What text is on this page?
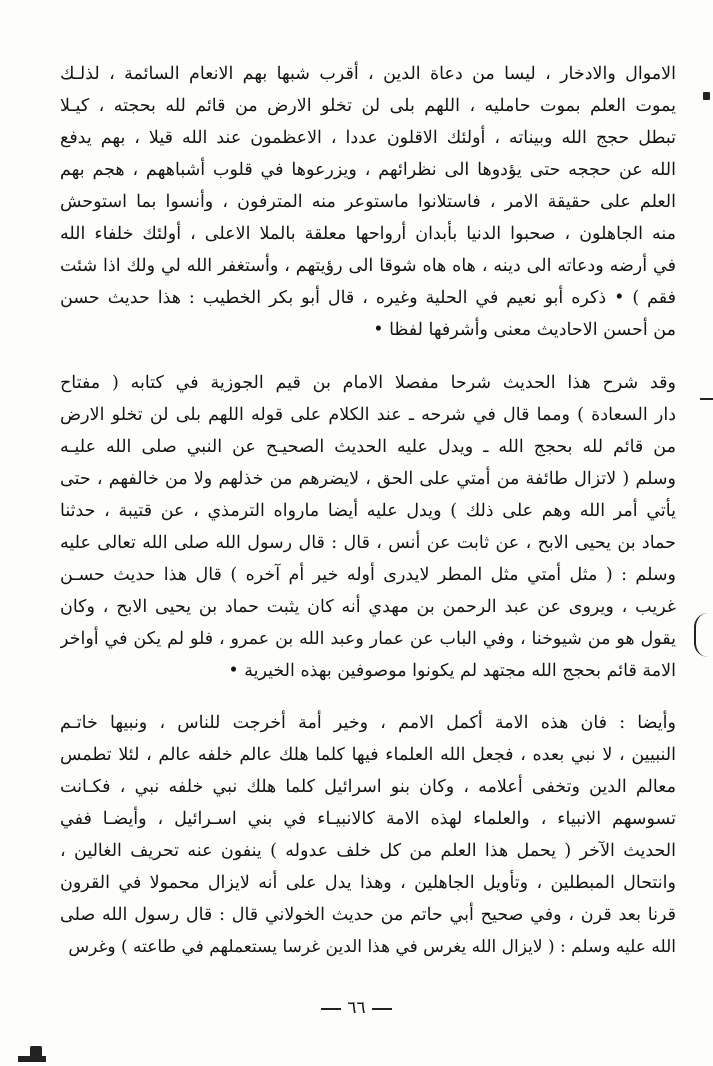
الاموال والادخار ، ليسا من دعاة الدين ، أقرب شبها بهم الانعام السائمة ، لذلـك
يموت العلم بموت حامليه ، اللهم بلى لن تخلو الارض من قائم لله بحجته ، كيـلا
تبطل حجج الله وبيناته ، أولئك الاقلون عددا ، الاعظمون عند الله قيلا ، بهم يدفع
الله عن حججه حتى يؤدوها الى نظرائهم ، ويزرعوها في قلوب أشباههم ، هجم بهم
العلم على حقيقة الامر ، فاستلانوا ماستوعر منه المترفون ، وأنسوا بما استوحش
منه الجاهلون ، صحبوا الدنيا بأبدان أرواحها معلقة بالملا الاعلى ، أولئك خلفاء الله
في أرضه ودعاته الى دينه ، هاه هاه شوقا الى رؤيتهم ، وأستغفر الله لي ولك اذا شئت
فقم ) • ذكره أبو نعيم في الحلية وغيره ، قال أبو بكر الخطيب : هذا حديث حسن
من أحسن الاحاديث معنى وأشرفها لفظا •
وقد شرح هذا الحديث شرحا مفصلا الامام بن قيم الجوزية في كتابه ( مفتاح
دار السعادة ) ومما قال في شرحه ـ عند الكلام على قوله اللهم بلى لن تخلو الارض
من قائم لله بحجج الله ـ ويدل عليه الحديث الصحيـح عن النبي صلى الله عليـه
وسلم ( لاتزال طائفة من أمتي على الحق ، لايضرهم من خذلهم ولا من خالفهم ، حتى
يأتي أمر الله وهم على ذلك ) ويدل عليه أيضا مارواه الترمذي ، عن قتيبة ، حدثنا
حماد بن يحيى الابح ، عن ثابت عن أنس ، قال : قال رسول الله صلى الله تعالى عليه
وسلم : ( مثل أمتي مثل المطر لايدرى أوله خير أم آخره ) قال هذا حديث حسـن
غريب ، ويروى عن عبد الرحمن بن مهدي أنه كان يثبت حماد بن يحيى الابح ، وكان
يقول هو من شيوخنا ، وفي الباب عن عمار وعبد الله بن عمرو ، فلو لم يكن في أواخر
الامة قائم بحجج الله مجتهد لم يكونوا موصوفين بهذه الخيرية •
وأيضا : فان هذه الامة أكمل الامم ، وخير أمة أخرجت للناس ، ونبيها خاتـم
النبيين ، لا نبي بعده ، فجعل الله العلماء فيها كلما هلك عالم خلفه عالم ، لئلا تطمس
معالم الدين وتخفى أعلامه ، وكان بنو اسرائيل كلما هلك نبي خلفه نبي ، فكـانت
تسوسهم الانبياء ، والعلماء لهذه الامة كالانبيـاء في بني اسـرائيل ، وأيضـا ففي
الحديث الآخر ( يحمل هذا العلم من كل خلف عدوله ) ينفون عنه تحريف الغالين ،
وانتحال المبطلين ، وتأويل الجاهلين ، وهذا يدل على أنه لايزال محمولا في القرون
قرنا بعد قرن ، وفي صحيح أبي حاتم من حديث الخولاني قال : قال رسول الله صلى
الله عليه وسلم : ( لايزال الله يغرس في هذا الدين غرسا يستعملهم في طاعته ) وغرس
٦٦
